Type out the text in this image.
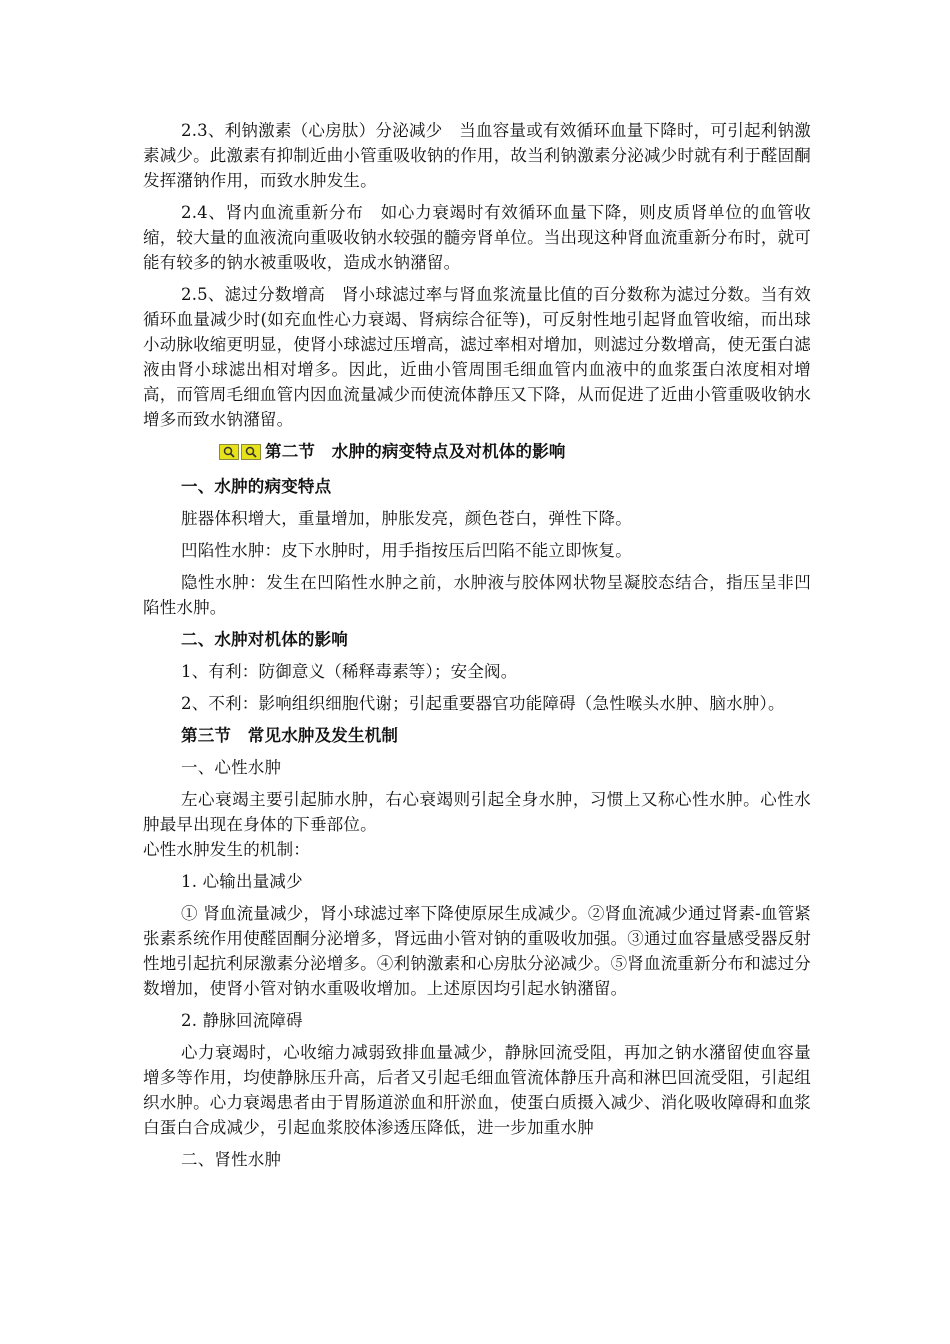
2.3、利钠激素（心房肽）分泌减少　当血容量或有效循环血量下降时，可引起利钠激素减少。此激素有抑制近曲小管重吸收钠的作用，故当利钠激素分泌减少时就有利于醛固酮发挥潴钠作用，而致水肿发生。

2.4、肾内血流重新分布　如心力衰竭时有效循环血量下降，则皮质肾单位的血管收缩，较大量的血液流向重吸收钠水较强的髓旁肾单位。当出现这种肾血流重新分布时，就可能有较多的钠水被重吸收，造成水钠潴留。

2.5、滤过分数增高　肾小球滤过率与肾血浆流量比值的百分数称为滤过分数。当有效循环血量减少时(如充血性心力衰竭、肾病综合征等)，可反射性地引起肾血管收缩，而出球小动脉收缩更明显，使肾小球滤过压增高，滤过率相对增加，则滤过分数增高，使无蛋白滤液由肾小球滤出相对增多。因此，近曲小管周围毛细血管内血液中的血浆蛋白浓度相对增高，而管周毛细血管内因血流量减少而使流体静压又下降，从而促进了近曲小管重吸收钠水增多而致水钠潴留。

第二节　水肿的病变特点及对机体的影响

一、水肿的病变特点

脏器体积增大，重量增加，肿胀发亮，颜色苍白，弹性下降。

凹陷性水肿：皮下水肿时，用手指按压后凹陷不能立即恢复。

隐性水肿：发生在凹陷性水肿之前，水肿液与胶体网状物呈凝胶态结合，指压呈非凹陷性水肿。

二、水肿对机体的影响

1、有利：防御意义（稀释毒素等）；安全阀。

2、不利：影响组织细胞代谢；引起重要器官功能障碍（急性喉头水肿、脑水肿）。

第三节　常见水肿及发生机制

一、心性水肿

左心衰竭主要引起肺水肿，右心衰竭则引起全身水肿，习惯上又称心性水肿。心性水肿最早出现在身体的下垂部位。

心性水肿发生的机制：

1. 心输出量减少

① 肾血流量减少，肾小球滤过率下降使原尿生成减少。②肾血流减少通过肾素-血管紧张素系统作用使醛固酮分泌增多，肾远曲小管对钠的重吸收加强。③通过血容量感受器反射性地引起抗利尿激素分泌增多。④利钠激素和心房肽分泌减少。⑤肾血流重新分布和滤过分数增加，使肾小管对钠水重吸收增加。上述原因均引起水钠潴留。

2. 静脉回流障碍

心力衰竭时，心收缩力减弱致排血量减少，静脉回流受阻，再加之钠水潴留使血容量增多等作用，均使静脉压升高，后者又引起毛细血管流体静压升高和淋巴回流受阻，引起组织水肿。心力衰竭患者由于胃肠道淤血和肝淤血，使蛋白质摄入减少、消化吸收障碍和血浆白蛋白合成减少，引起血浆胶体渗透压降低，进一步加重水肿

二、肾性水肿
